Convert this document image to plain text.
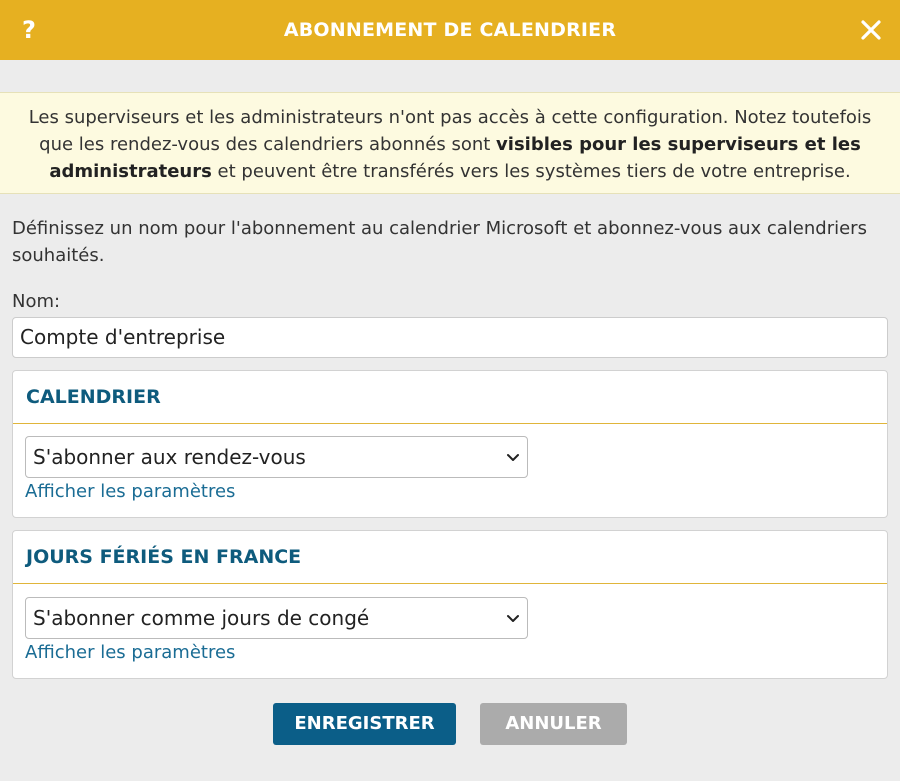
ABONNEMENT DE CALENDRIER
?
Les superviseurs et les administrateurs n'ont pas accès à cette configuration. Notez toutefois que les rendez-vous des calendriers abonnés sont visibles pour les superviseurs et les administrateurs et peuvent être transférés vers les systèmes tiers de votre entreprise.
Définissez un nom pour l'abonnement au calendrier Microsoft et abonnez-vous aux calendriers souhaités.
Nom:
Compte d'entreprise
CALENDRIER
S'abonner aux rendez-vous
Afficher les paramètres
JOURS FÉRIÉS EN FRANCE
S'abonner comme jours de congé
Afficher les paramètres
ENREGISTRER	ANNULER
